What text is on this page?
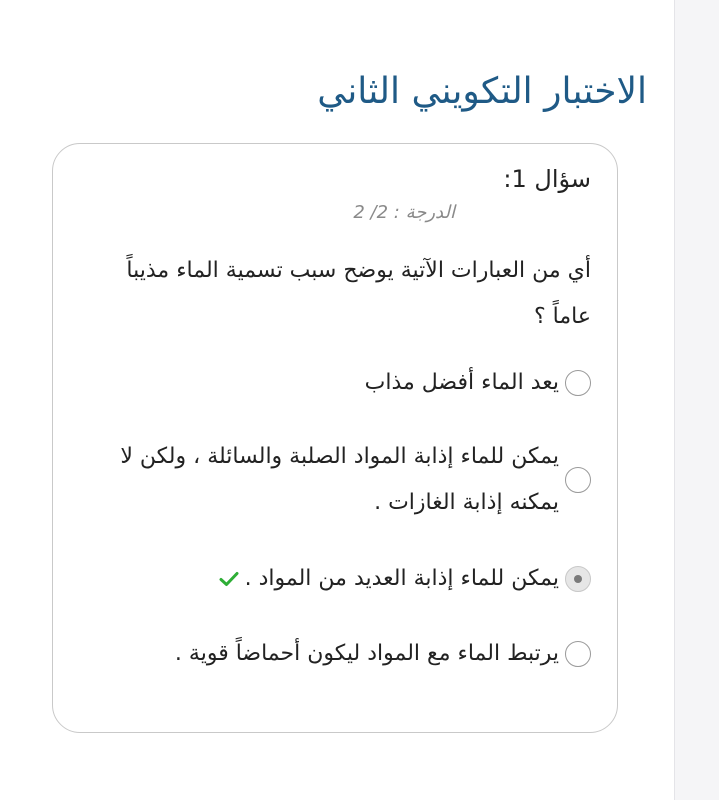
الاختبار التكويني الثاني
سؤال 1:
الدرجة : 2/ 2
أي من العبارات الآتية يوضح سبب تسمية الماء مذيباً عاماً ؟
يعد الماء أفضل مذاب
يمكن للماء إذابة المواد الصلبة والسائلة ، ولكن لا يمكنه إذابة الغازات .
يمكن للماء إذابة العديد من المواد .
يرتبط الماء مع المواد ليكون أحماضاً قوية .
